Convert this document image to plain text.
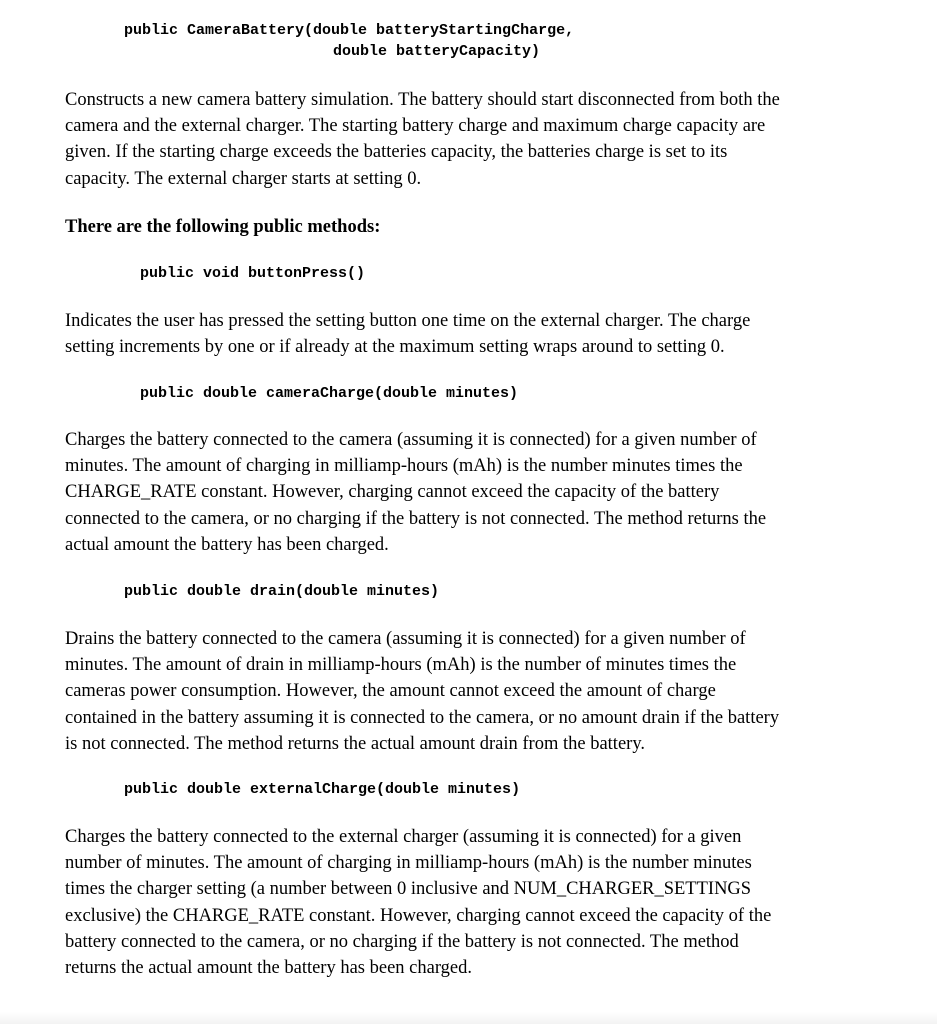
public CameraBattery(double batteryStartingCharge,
double batteryCapacity)
Constructs a new camera battery simulation. The battery should start disconnected from both the
camera and the external charger. The starting battery charge and maximum charge capacity are
given. If the starting charge exceeds the batteries capacity, the batteries charge is set to its
capacity. The external charger starts at setting 0.
There are the following public methods:
public void buttonPress()
Indicates the user has pressed the setting button one time on the external charger. The charge
setting increments by one or if already at the maximum setting wraps around to setting 0.
public double cameraCharge(double minutes)
Charges the battery connected to the camera (assuming it is connected) for a given number of
minutes. The amount of charging in milliamp-hours (mAh) is the number minutes times the
CHARGE_RATE constant. However, charging cannot exceed the capacity of the battery
connected to the camera, or no charging if the battery is not connected. The method returns the
actual amount the battery has been charged.
public double drain(double minutes)
Drains the battery connected to the camera (assuming it is connected) for a given number of
minutes. The amount of drain in milliamp-hours (mAh) is the number of minutes times the
cameras power consumption. However, the amount cannot exceed the amount of charge
contained in the battery assuming it is connected to the camera, or no amount drain if the battery
is not connected. The method returns the actual amount drain from the battery.
public double externalCharge(double minutes)
Charges the battery connected to the external charger (assuming it is connected) for a given
number of minutes. The amount of charging in milliamp-hours (mAh) is the number minutes
times the charger setting (a number between 0 inclusive and NUM_CHARGER_SETTINGS
exclusive) the CHARGE_RATE constant. However, charging cannot exceed the capacity of the
battery connected to the camera, or no charging if the battery is not connected. The method
returns the actual amount the battery has been charged.
